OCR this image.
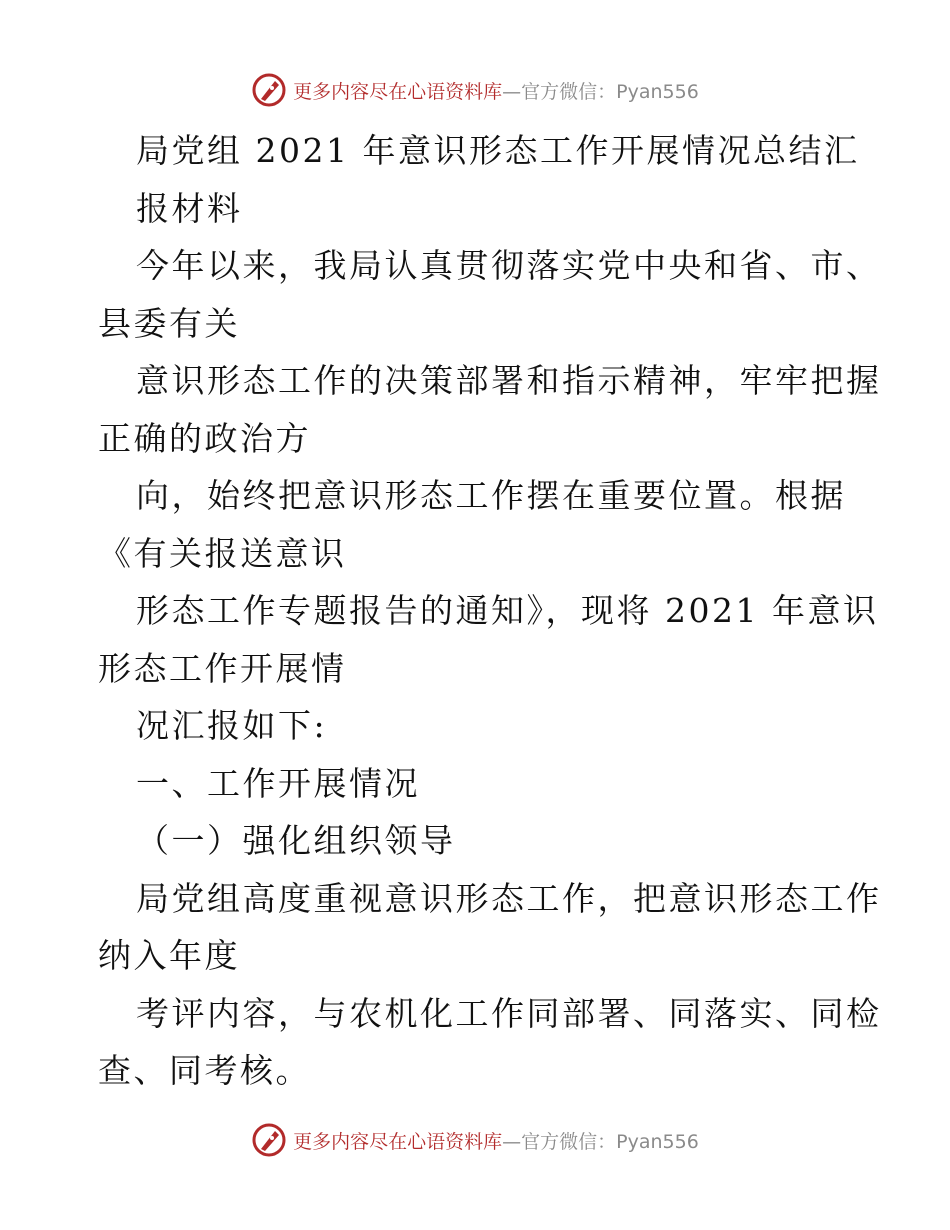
更多内容尽在心语资料库—官方微信：Pyan556
局党组 2021 年意识形态工作开展情况总结汇
报材料
今年以来，我局认真贯彻落实党中央和省、市、
县委有关
意识形态工作的决策部署和指示精神，牢牢把握
正确的政治方
向，始终把意识形态工作摆在重要位置。根据
《有关报送意识
形态工作专题报告的通知》，现将 2021 年意识
形态工作开展情
况汇报如下:
一、工作开展情况
（一）强化组织领导
局党组高度重视意识形态工作，把意识形态工作
纳入年度
考评内容，与农机化工作同部署、同落实、同检
查、同考核。
更多内容尽在心语资料库—官方微信：Pyan556
